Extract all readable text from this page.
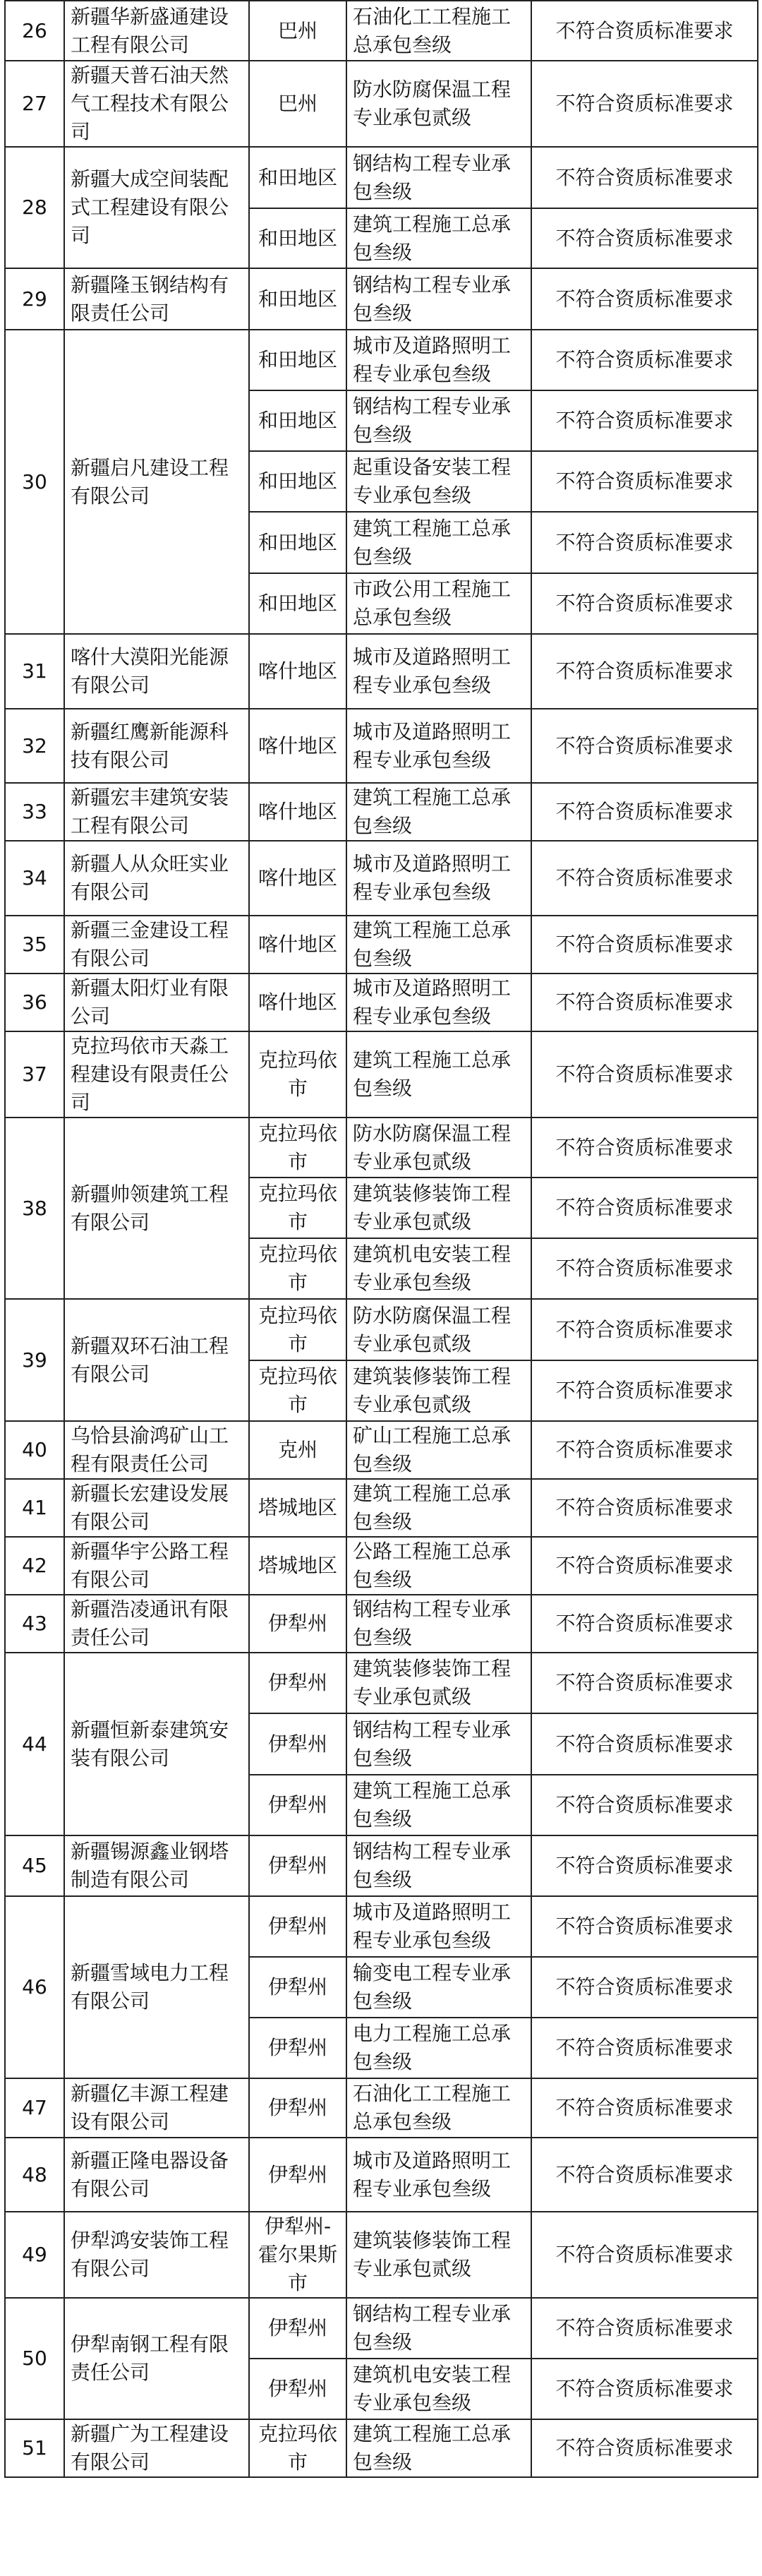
26	新疆华新盛通建设工程有限公司	巴州	石油化工工程施工总承包叁级	不符合资质标准要求
27	新疆天普石油天然气工程技术有限公司	巴州	防水防腐保温工程专业承包贰级	不符合资质标准要求
28	新疆大成空间装配式工程建设有限公司	和田地区	钢结构工程专业承包叁级	不符合资质标准要求
		和田地区	建筑工程施工总承包叁级	不符合资质标准要求
29	新疆隆玉钢结构有限责任公司	和田地区	钢结构工程专业承包叁级	不符合资质标准要求
30	新疆启凡建设工程有限公司	和田地区	城市及道路照明工程专业承包叁级	不符合资质标准要求
		和田地区	钢结构工程专业承包叁级	不符合资质标准要求
		和田地区	起重设备安装工程专业承包叁级	不符合资质标准要求
		和田地区	建筑工程施工总承包叁级	不符合资质标准要求
		和田地区	市政公用工程施工总承包叁级	不符合资质标准要求
31	喀什大漠阳光能源有限公司	喀什地区	城市及道路照明工程专业承包叁级	不符合资质标准要求
32	新疆红鹰新能源科技有限公司	喀什地区	城市及道路照明工程专业承包叁级	不符合资质标准要求
33	新疆宏丰建筑安装工程有限公司	喀什地区	建筑工程施工总承包叁级	不符合资质标准要求
34	新疆人从众旺实业有限公司	喀什地区	城市及道路照明工程专业承包叁级	不符合资质标准要求
35	新疆三金建设工程有限公司	喀什地区	建筑工程施工总承包叁级	不符合资质标准要求
36	新疆太阳灯业有限公司	喀什地区	城市及道路照明工程专业承包叁级	不符合资质标准要求
37	克拉玛依市天淼工程建设有限责任公司	克拉玛依市	建筑工程施工总承包叁级	不符合资质标准要求
38	新疆帅领建筑工程有限公司	克拉玛依市	防水防腐保温工程专业承包贰级	不符合资质标准要求
		克拉玛依市	建筑装修装饰工程专业承包贰级	不符合资质标准要求
		克拉玛依市	建筑机电安装工程专业承包叁级	不符合资质标准要求
39	新疆双环石油工程有限公司	克拉玛依市	防水防腐保温工程专业承包贰级	不符合资质标准要求
		克拉玛依市	建筑装修装饰工程专业承包贰级	不符合资质标准要求
40	乌恰县渝鸿矿山工程有限责任公司	克州	矿山工程施工总承包叁级	不符合资质标准要求
41	新疆长宏建设发展有限公司	塔城地区	建筑工程施工总承包叁级	不符合资质标准要求
42	新疆华宇公路工程有限公司	塔城地区	公路工程施工总承包叁级	不符合资质标准要求
43	新疆浩凌通讯有限责任公司	伊犁州	钢结构工程专业承包叁级	不符合资质标准要求
44	新疆恒新泰建筑安装有限公司	伊犁州	建筑装修装饰工程专业承包贰级	不符合资质标准要求
		伊犁州	钢结构工程专业承包叁级	不符合资质标准要求
		伊犁州	建筑工程施工总承包叁级	不符合资质标准要求
45	新疆锡源鑫业钢塔制造有限公司	伊犁州	钢结构工程专业承包叁级	不符合资质标准要求
46	新疆雪域电力工程有限公司	伊犁州	城市及道路照明工程专业承包叁级	不符合资质标准要求
		伊犁州	输变电工程专业承包叁级	不符合资质标准要求
		伊犁州	电力工程施工总承包叁级	不符合资质标准要求
47	新疆亿丰源工程建设有限公司	伊犁州	石油化工工程施工总承包叁级	不符合资质标准要求
48	新疆正隆电器设备有限公司	伊犁州	城市及道路照明工程专业承包叁级	不符合资质标准要求
49	伊犁鸿安装饰工程有限公司	伊犁州-霍尔果斯市	建筑装修装饰工程专业承包贰级	不符合资质标准要求
50	伊犁南钢工程有限责任公司	伊犁州	钢结构工程专业承包叁级	不符合资质标准要求
		伊犁州	建筑机电安装工程专业承包叁级	不符合资质标准要求
51	新疆广为工程建设有限公司	克拉玛依市	建筑工程施工总承包叁级	不符合资质标准要求
